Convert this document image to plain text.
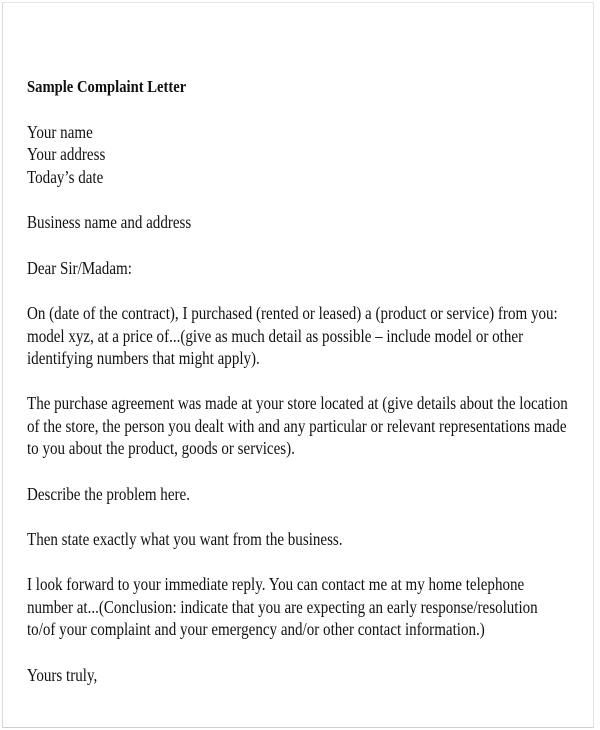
Sample Complaint Letter
Your name
Your address
Today’s date
Business name and address
Dear Sir/Madam:
On (date of the contract), I purchased (rented or leased) a (product or service) from you:
model xyz, at a price of...(give as much detail as possible – include model or other
identifying numbers that might apply).
The purchase agreement was made at your store located at (give details about the location
of the store, the person you dealt with and any particular or relevant representations made
to you about the product, goods or services).
Describe the problem here.
Then state exactly what you want from the business.
I look forward to your immediate reply. You can contact me at my home telephone
number at...(Conclusion: indicate that you are expecting an early response/resolution
to/of your complaint and your emergency and/or other contact information.)
Yours truly,
